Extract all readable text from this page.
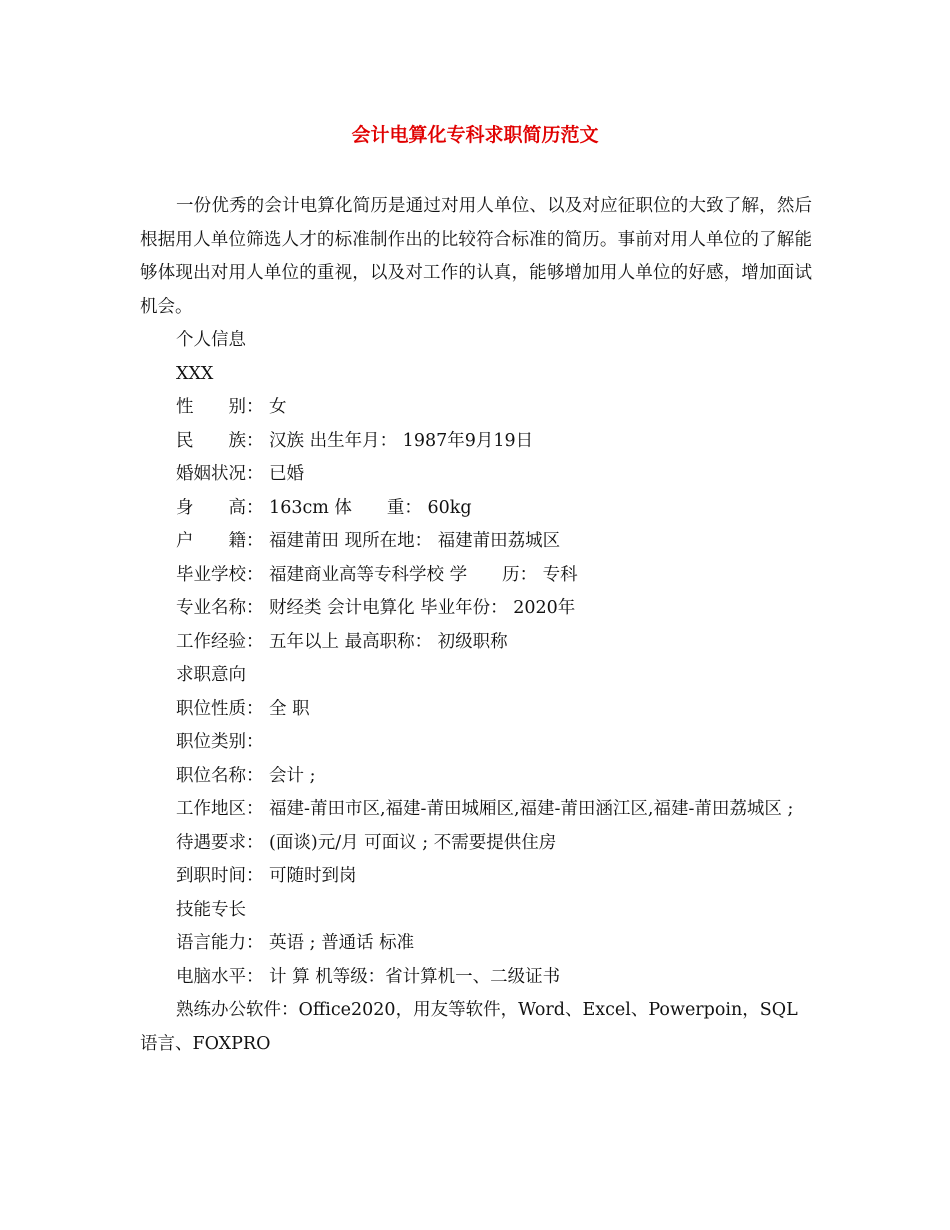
会计电算化专科求职简历范文

一份优秀的会计电算化简历是通过对用人单位、以及对应征职位的大致了解，然后根据用人单位筛选人才的标准制作出的比较符合标准的简历。事前对用人单位的了解能够体现出对用人单位的重视，以及对工作的认真，能够增加用人单位的好感，增加面试机会。

个人信息

XXX

性　　别： 女

民　　族： 汉族 出生年月： 1987年9月19日

婚姻状况： 已婚

身　　高： 163cm 体　　重： 60kg

户　　籍： 福建莆田 现所在地： 福建莆田荔城区

毕业学校： 福建商业高等专科学校 学　　历： 专科

专业名称： 财经类 会计电算化 毕业年份： 2020年

工作经验： 五年以上 最高职称： 初级职称

求职意向

职位性质： 全 职

职位类别：

职位名称： 会计 ;

工作地区： 福建-莆田市区,福建-莆田城厢区,福建-莆田涵江区,福建-莆田荔城区 ;

待遇要求： (面谈)元/月 可面议 ; 不需要提供住房

到职时间： 可随时到岗

技能专长

语言能力： 英语 ; 普通话 标准

电脑水平： 计 算 机等级：省计算机一、二级证书

熟练办公软件：Office2020，用友等软件，Word、Excel、Powerpoin，SQL语言、FOXPRO
